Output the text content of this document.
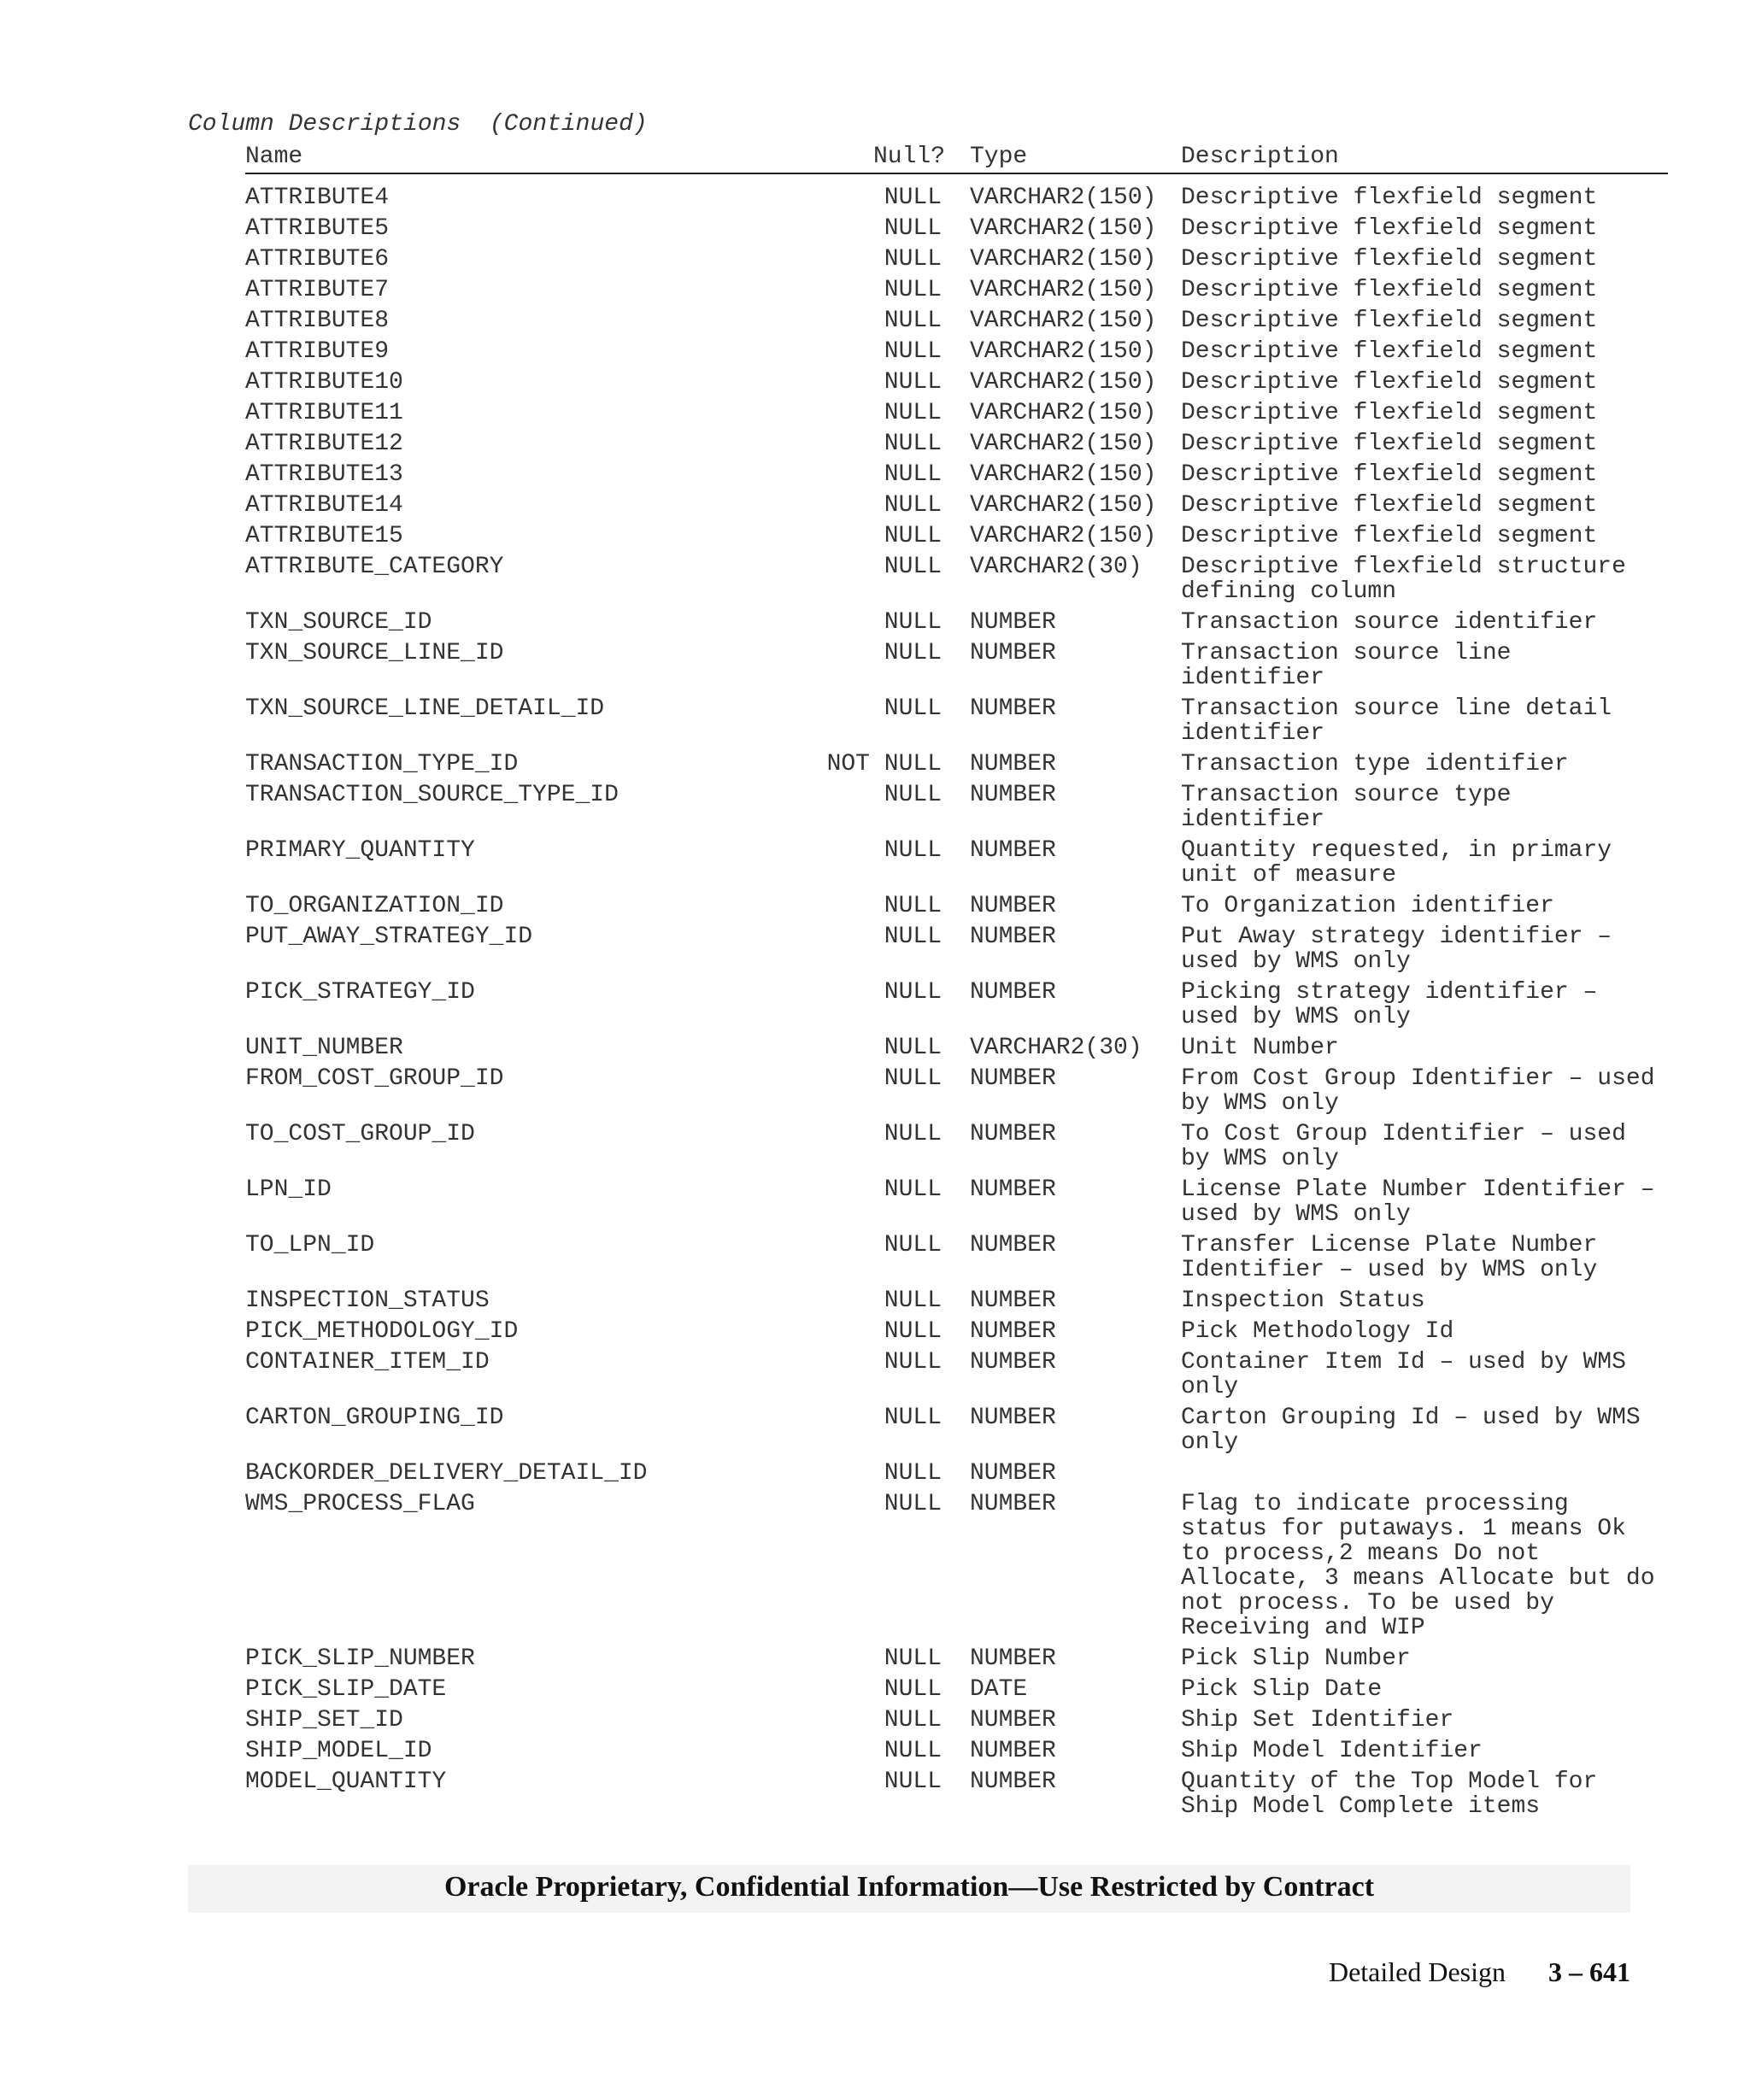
Column Descriptions  (Continued)
Name	Null? Type	Description
ATTRIBUTE4	NULL VARCHAR2(150) Descriptive flexfield segment
ATTRIBUTE5	NULL VARCHAR2(150) Descriptive flexfield segment
ATTRIBUTE6	NULL VARCHAR2(150) Descriptive flexfield segment
ATTRIBUTE7	NULL VARCHAR2(150) Descriptive flexfield segment
ATTRIBUTE8	NULL VARCHAR2(150) Descriptive flexfield segment
ATTRIBUTE9	NULL VARCHAR2(150) Descriptive flexfield segment
ATTRIBUTE10	NULL VARCHAR2(150) Descriptive flexfield segment
ATTRIBUTE11	NULL VARCHAR2(150) Descriptive flexfield segment
ATTRIBUTE12	NULL VARCHAR2(150) Descriptive flexfield segment
ATTRIBUTE13	NULL VARCHAR2(150) Descriptive flexfield segment
ATTRIBUTE14	NULL VARCHAR2(150) Descriptive flexfield segment
ATTRIBUTE15	NULL VARCHAR2(150) Descriptive flexfield segment
ATTRIBUTE_CATEGORY	NULL VARCHAR2(30) Descriptive flexfield structure defining column
TXN_SOURCE_ID	NULL NUMBER	Transaction source identifier
TXN_SOURCE_LINE_ID	NULL NUMBER	Transaction source line identifier
TXN_SOURCE_LINE_DETAIL_ID	NULL NUMBER	Transaction source line detail identifier
TRANSACTION_TYPE_ID	NOT NULL NUMBER	Transaction type identifier
TRANSACTION_SOURCE_TYPE_ID	NULL NUMBER	Transaction source type identifier
PRIMARY_QUANTITY	NULL NUMBER	Quantity requested, in primary unit of measure
TO_ORGANIZATION_ID	NULL NUMBER	To Organization identifier
PUT_AWAY_STRATEGY_ID	NULL NUMBER	Put Away strategy identifier – used by WMS only
PICK_STRATEGY_ID	NULL NUMBER	Picking strategy identifier – used by WMS only
UNIT_NUMBER	NULL VARCHAR2(30) Unit Number
FROM_COST_GROUP_ID	NULL NUMBER	From Cost Group Identifier – used by WMS only
TO_COST_GROUP_ID	NULL NUMBER	To Cost Group Identifier – used by WMS only
LPN_ID	NULL NUMBER	License Plate Number Identifier – used by WMS only
TO_LPN_ID	NULL NUMBER	Transfer License Plate Number Identifier – used by WMS only
INSPECTION_STATUS	NULL NUMBER	Inspection Status
PICK_METHODOLOGY_ID	NULL NUMBER	Pick Methodology Id
CONTAINER_ITEM_ID	NULL NUMBER	Container Item Id – used by WMS only
CARTON_GROUPING_ID	NULL NUMBER	Carton Grouping Id – used by WMS only
BACKORDER_DELIVERY_DETAIL_ID	NULL NUMBER
WMS_PROCESS_FLAG	NULL NUMBER	Flag to indicate processing status for putaways. 1 means Ok to process,2 means Do not Allocate, 3 means Allocate but do not process. To be used by Receiving and WIP
PICK_SLIP_NUMBER	NULL NUMBER	Pick Slip Number
PICK_SLIP_DATE	NULL DATE	Pick Slip Date
SHIP_SET_ID	NULL NUMBER	Ship Set Identifier
SHIP_MODEL_ID	NULL NUMBER	Ship Model Identifier
MODEL_QUANTITY	NULL NUMBER	Quantity of the Top Model for Ship Model Complete items
Oracle Proprietary, Confidential Information––Use Restricted by Contract
Detailed Design 3 – 641
